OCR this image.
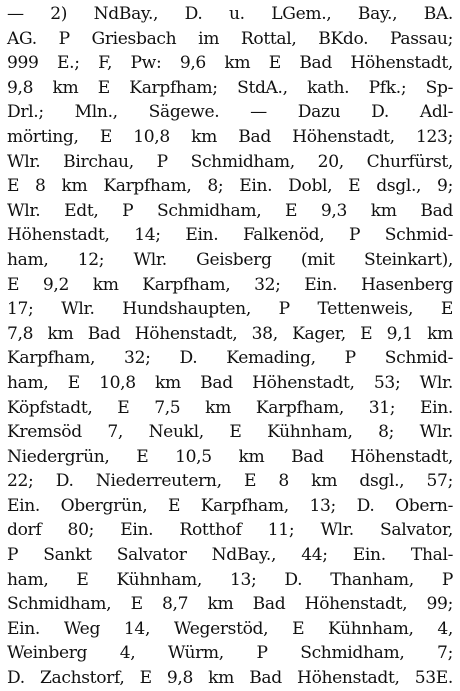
— 2) NdBay., D. u. LGem., Bay., BA.
AG. P Griesbach im Rottal, BKdo. Passau;
999 E.; F, Pw: 9,6 km E Bad Höhenstadt,
9,8 km E Karpfham; StdA., kath. Pfk.; Sp-
Drl.; Mln., Sägewe. — Dazu D. Adl-
mörting, E 10,8 km Bad Höhenstadt, 123;
Wlr. Birchau, P Schmidham, 20, Churfürst,
E 8 km Karpfham, 8; Ein. Dobl, E dsgl., 9;
Wlr. Edt, P Schmidham, E 9,3 km Bad
Höhenstadt, 14; Ein. Falkenöd, P Schmid-
ham, 12; Wlr. Geisberg (mit Steinkart),
E 9,2 km Karpfham, 32; Ein. Hasenberg
17; Wlr. Hundshaupten, P Tettenweis, E
7,8 km Bad Höhenstadt, 38, Kager, E 9,1 km
Karpfham, 32; D. Kemading, P Schmid-
ham, E 10,8 km Bad Höhenstadt, 53; Wlr.
Köpfstadt, E 7,5 km Karpfham, 31; Ein.
Kremsöd 7, Neukl, E Kühnham, 8; Wlr.
Niedergrün, E 10,5 km Bad Höhenstadt,
22; D. Niederreutern, E 8 km dsgl., 57;
Ein. Obergrün, E Karpfham, 13; D. Obern-
dorf 80; Ein. Rotthof 11; Wlr. Salvator,
P Sankt Salvator NdBay., 44; Ein. Thal-
ham, E Kühnham, 13; D. Thanham, P
Schmidham, E 8,7 km Bad Höhenstadt, 99;
Ein. Weg 14, Wegerstöd, E Kühnham, 4,
Weinberg 4, Würm, P Schmidham, 7;
D. Zachstorf, E 9,8 km Bad Höhenstadt, 53E.
